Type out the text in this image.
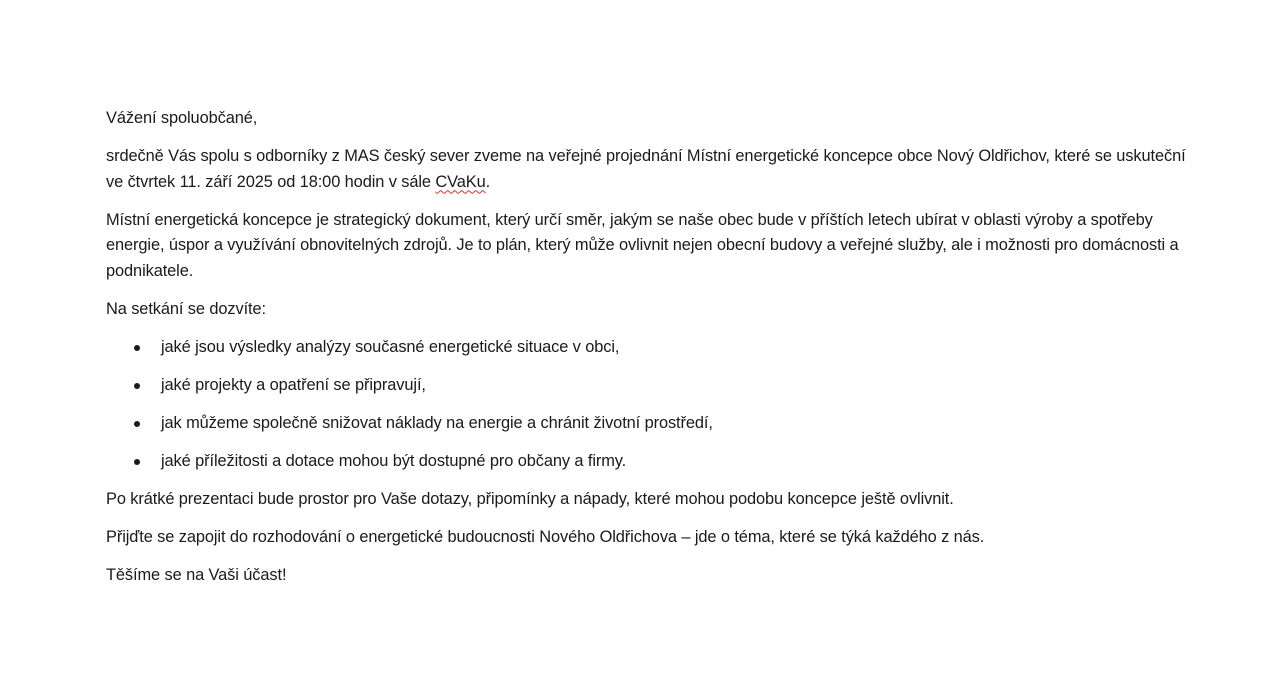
Vážení spoluobčané,

srdečně Vás spolu s odborníky z MAS český sever zveme na veřejné projednání Místní energetické koncepce obce Nový Oldřichov, které se uskuteční ve čtvrtek 11. září 2025 od 18:00 hodin v sále CVaKu.

Místní energetická koncepce je strategický dokument, který určí směr, jakým se naše obec bude v příštích letech ubírat v oblasti výroby a spotřeby energie, úspor a využívání obnovitelných zdrojů. Je to plán, který může ovlivnit nejen obecní budovy a veřejné služby, ale i možnosti pro domácnosti a podnikatele.

Na setkání se dozvíte:

jaké jsou výsledky analýzy současné energetické situace v obci,
jaké projekty a opatření se připravují,
jak můžeme společně snižovat náklady na energie a chránit životní prostředí,
jaké příležitosti a dotace mohou být dostupné pro občany a firmy.

Po krátké prezentaci bude prostor pro Vaše dotazy, připomínky a nápady, které mohou podobu koncepce ještě ovlivnit.

Přijďte se zapojit do rozhodování o energetické budoucnosti Nového Oldřichova – jde o téma, které se týká každého z nás.

Těšíme se na Vaši účast!
